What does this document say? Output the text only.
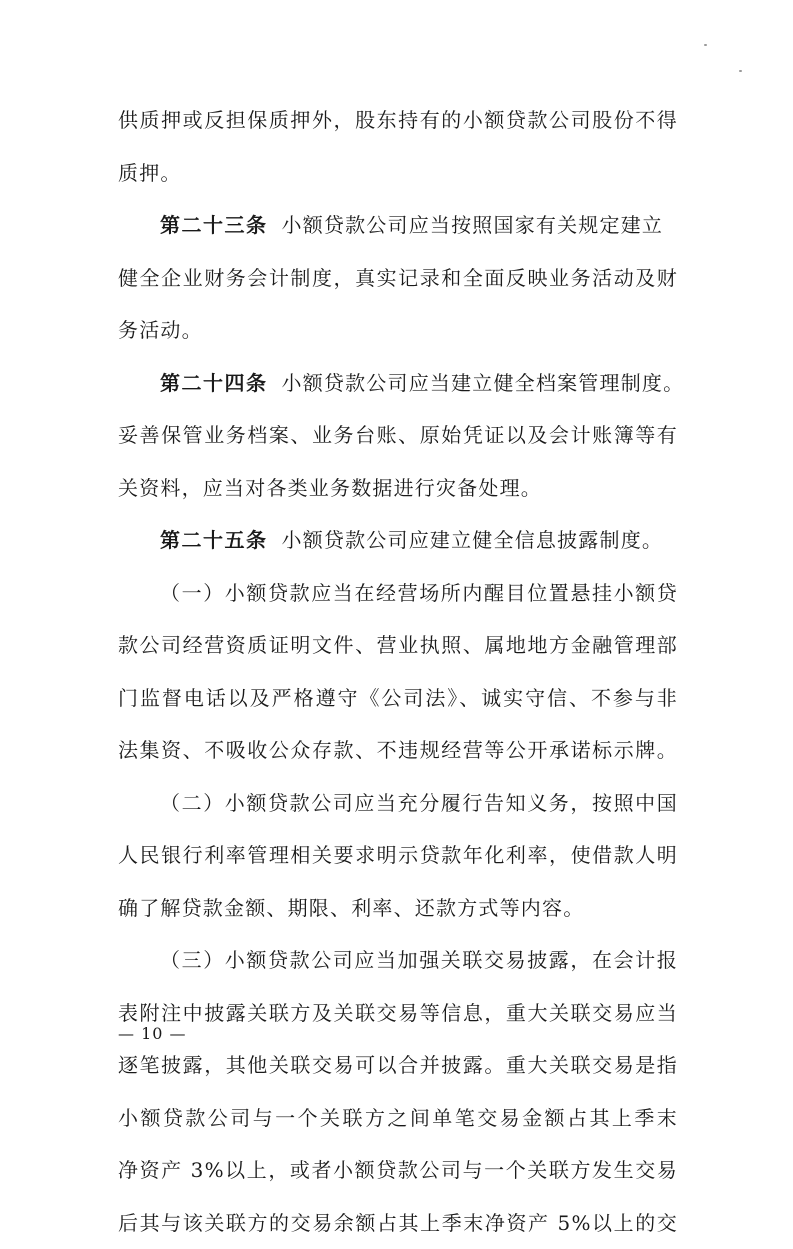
供质押或反担保质押外，股东持有的小额贷款公司股份不得
质押。
第二十三条 小额贷款公司应当按照国家有关规定建立
健全企业财务会计制度，真实记录和全面反映业务活动及财
务活动。
第二十四条 小额贷款公司应当建立健全档案管理制度。
妥善保管业务档案、业务台账、原始凭证以及会计账簿等有
关资料，应当对各类业务数据进行灾备处理。
第二十五条 小额贷款公司应建立健全信息披露制度。
（一）小额贷款应当在经营场所内醒目位置悬挂小额贷
款公司经营资质证明文件、营业执照、属地地方金融管理部
门监督电话以及严格遵守《公司法》、诚实守信、不参与非
法集资、不吸收公众存款、不违规经营等公开承诺标示牌。
（二）小额贷款公司应当充分履行告知义务，按照中国
人民银行利率管理相关要求明示贷款年化利率，使借款人明
确了解贷款金额、期限、利率、还款方式等内容。
（三）小额贷款公司应当加强关联交易披露，在会计报
表附注中披露关联方及关联交易等信息，重大关联交易应当
逐笔披露，其他关联交易可以合并披露。重大关联交易是指
小额贷款公司与一个关联方之间单笔交易金额占其上季末
净资产 3%以上，或者小额贷款公司与一个关联方发生交易
后其与该关联方的交易余额占其上季末净资产 5%以上的交
— 10 —
